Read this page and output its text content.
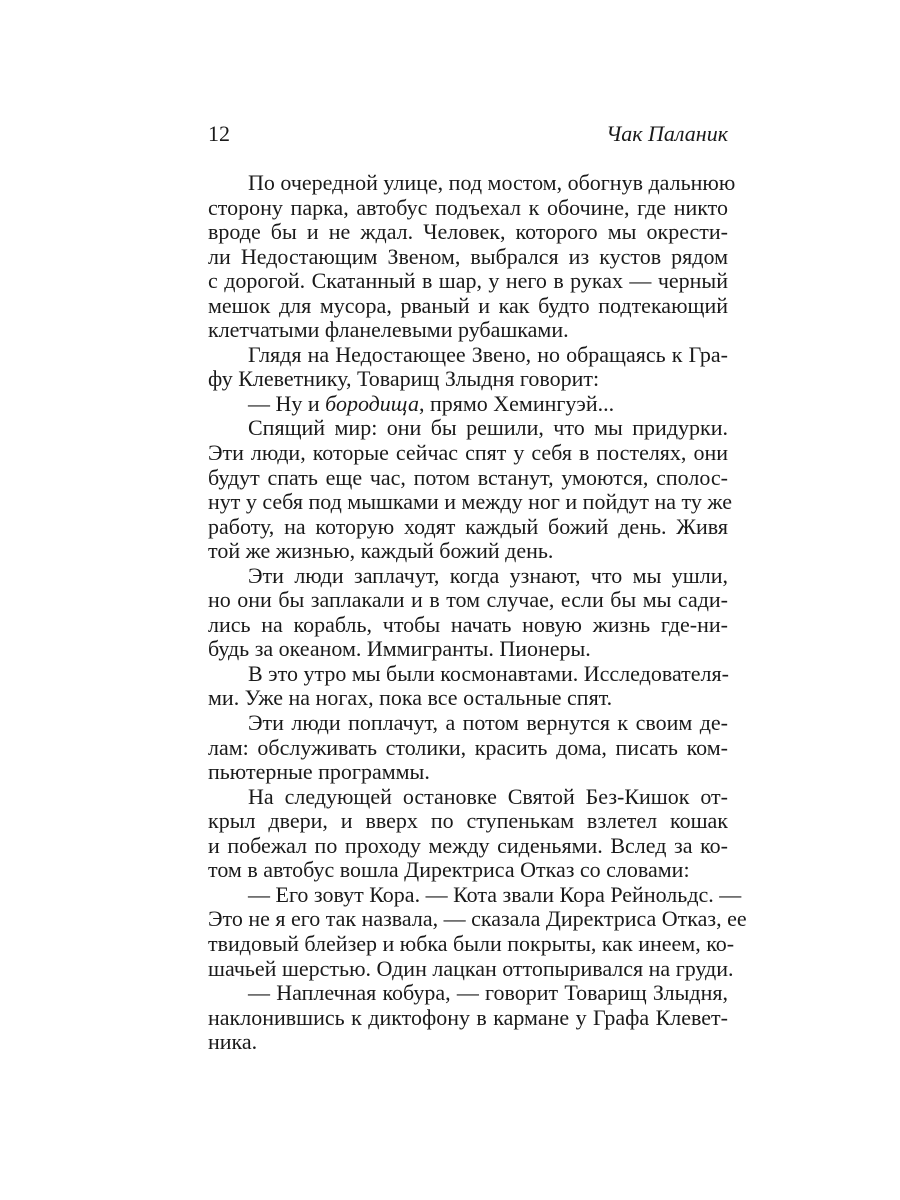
12	Чак Паланик
По очередной улице, под мостом, обогнув дальнюю
сторону парка, автобус подъехал к обочине, где никто
вроде бы и не ждал. Человек, которого мы окрести-
ли Недостающим Звеном, выбрался из кустов рядом
с дорогой. Скатанный в шар, у него в руках — черный
мешок для мусора, рваный и как будто подтекающий
клетчатыми фланелевыми рубашками.
Глядя на Недостающее Звено, но обращаясь к Гра-
фу Клеветнику, Товарищ Злыдня говорит:
— Ну и бородища, прямо Хемингуэй...
Спящий мир: они бы решили, что мы придурки.
Эти люди, которые сейчас спят у себя в постелях, они
будут спать еще час, потом встанут, умоются, сполос-
нут у себя под мышками и между ног и пойдут на ту же
работу, на которую ходят каждый божий день. Живя
той же жизнью, каждый божий день.
Эти люди заплачут, когда узнают, что мы ушли,
но они бы заплакали и в том случае, если бы мы сади-
лись на корабль, чтобы начать новую жизнь где-ни-
будь за океаном. Иммигранты. Пионеры.
В это утро мы были космонавтами. Исследователя-
ми. Уже на ногах, пока все остальные спят.
Эти люди поплачут, а потом вернутся к своим де-
лам: обслуживать столики, красить дома, писать ком-
пьютерные программы.
На следующей остановке Святой Без-Кишок от-
крыл двери, и вверх по ступенькам взлетел кошак
и побежал по проходу между сиденьями. Вслед за ко-
том в автобус вошла Директриса Отказ со словами:
— Его зовут Кора. — Кота звали Кора Рейнольдс. —
Это не я его так назвала, — сказала Директриса Отказ, ее
твидовый блейзер и юбка были покрыты, как инеем, ко-
шачьей шерстью. Один лацкан оттопыривался на груди.
— Наплечная кобура, — говорит Товарищ Злыдня,
наклонившись к диктофону в кармане у Графа Клевет-
ника.
